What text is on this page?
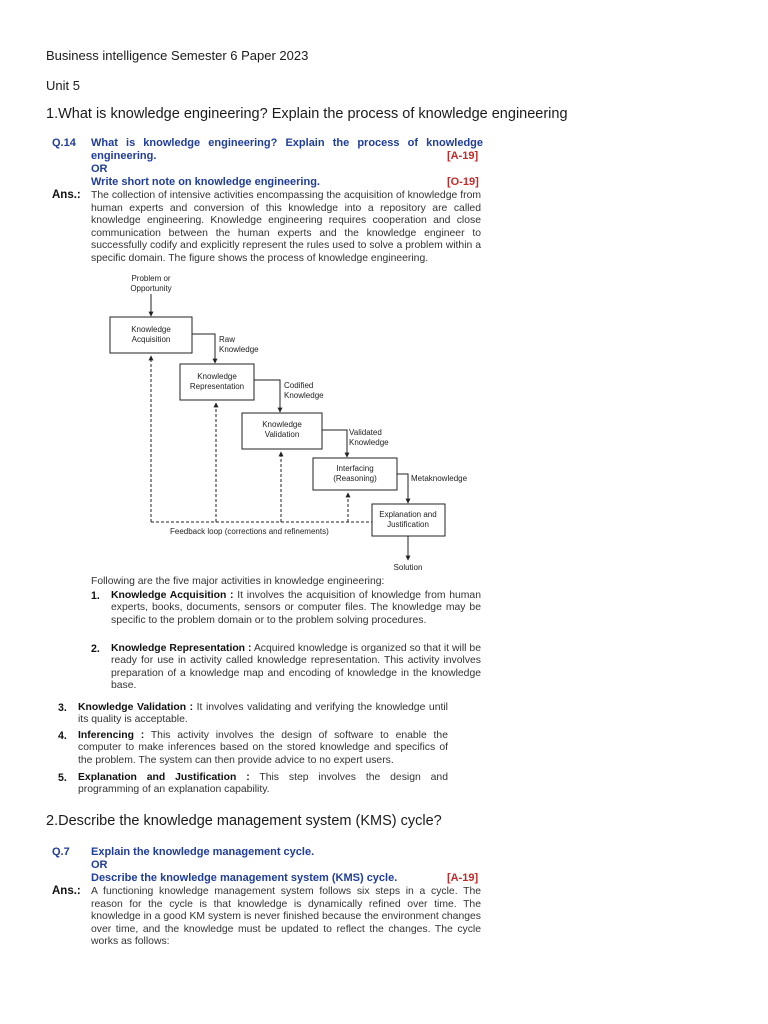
Business intelligence Semester 6 Paper 2023
Unit 5
1.What is knowledge engineering? Explain the process of knowledge engineering
Q.14 What is knowledge engineering? Explain the process of knowledge
engineering.
OR
Write short note on knowledge engineering.
[A-19]
[O-19]
Ans.: The collection of intensive activities encompassing the acquisition of knowledge from human experts and conversion of this knowledge into a repository are called knowledge engineering. Knowledge engineering requires cooperation and close communication between the human experts and the knowledge engineer to successfully codify and explicitly represent the rules used to solve a problem within a specific domain. The figure shows the process of knowledge engineering.
Problem or
Opportunity
Knowledge
Acquisition	Raw
Knowledge
Knowledge
Representation	Codified
Knowledge
Knowledge
Validation	Validated
Knowledge
Interfacing
(Reasoning)	Metaknowledge
Explanation and
Justification
Feedback loop (corrections and refinements)
Solution
Following are the five major activities in knowledge engineering:
1. Knowledge Acquisition : It involves the acquisition of knowledge from human experts, books, documents, sensors or computer files. The knowledge may be specific to the problem domain or to the problem solving procedures.
2. Knowledge Representation : Acquired knowledge is organized so that it will be ready for use in activity called knowledge representation. This activity involves preparation of a knowledge map and encoding of knowledge in the knowledge base.
3. Knowledge Validation : It involves validating and verifying the knowledge until its quality is acceptable.
4. Inferencing : This activity involves the design of software to enable the computer to make inferences based on the stored knowledge and specifics of the problem. The system can then provide advice to no expert users.
5. Explanation and Justification : This step involves the design and programming of an explanation capability.
2.Describe the knowledge management system (KMS) cycle?
Q.7 Explain the knowledge management cycle.
OR
Describe the knowledge management system (KMS) cycle.	[A-19]
Ans.: A functioning knowledge management system follows six steps in a cycle. The reason for the cycle is that knowledge is dynamically refined over time. The knowledge in a good KM system is never finished because the environment changes over time, and the knowledge must be updated to reflect the changes. The cycle works as follows:
